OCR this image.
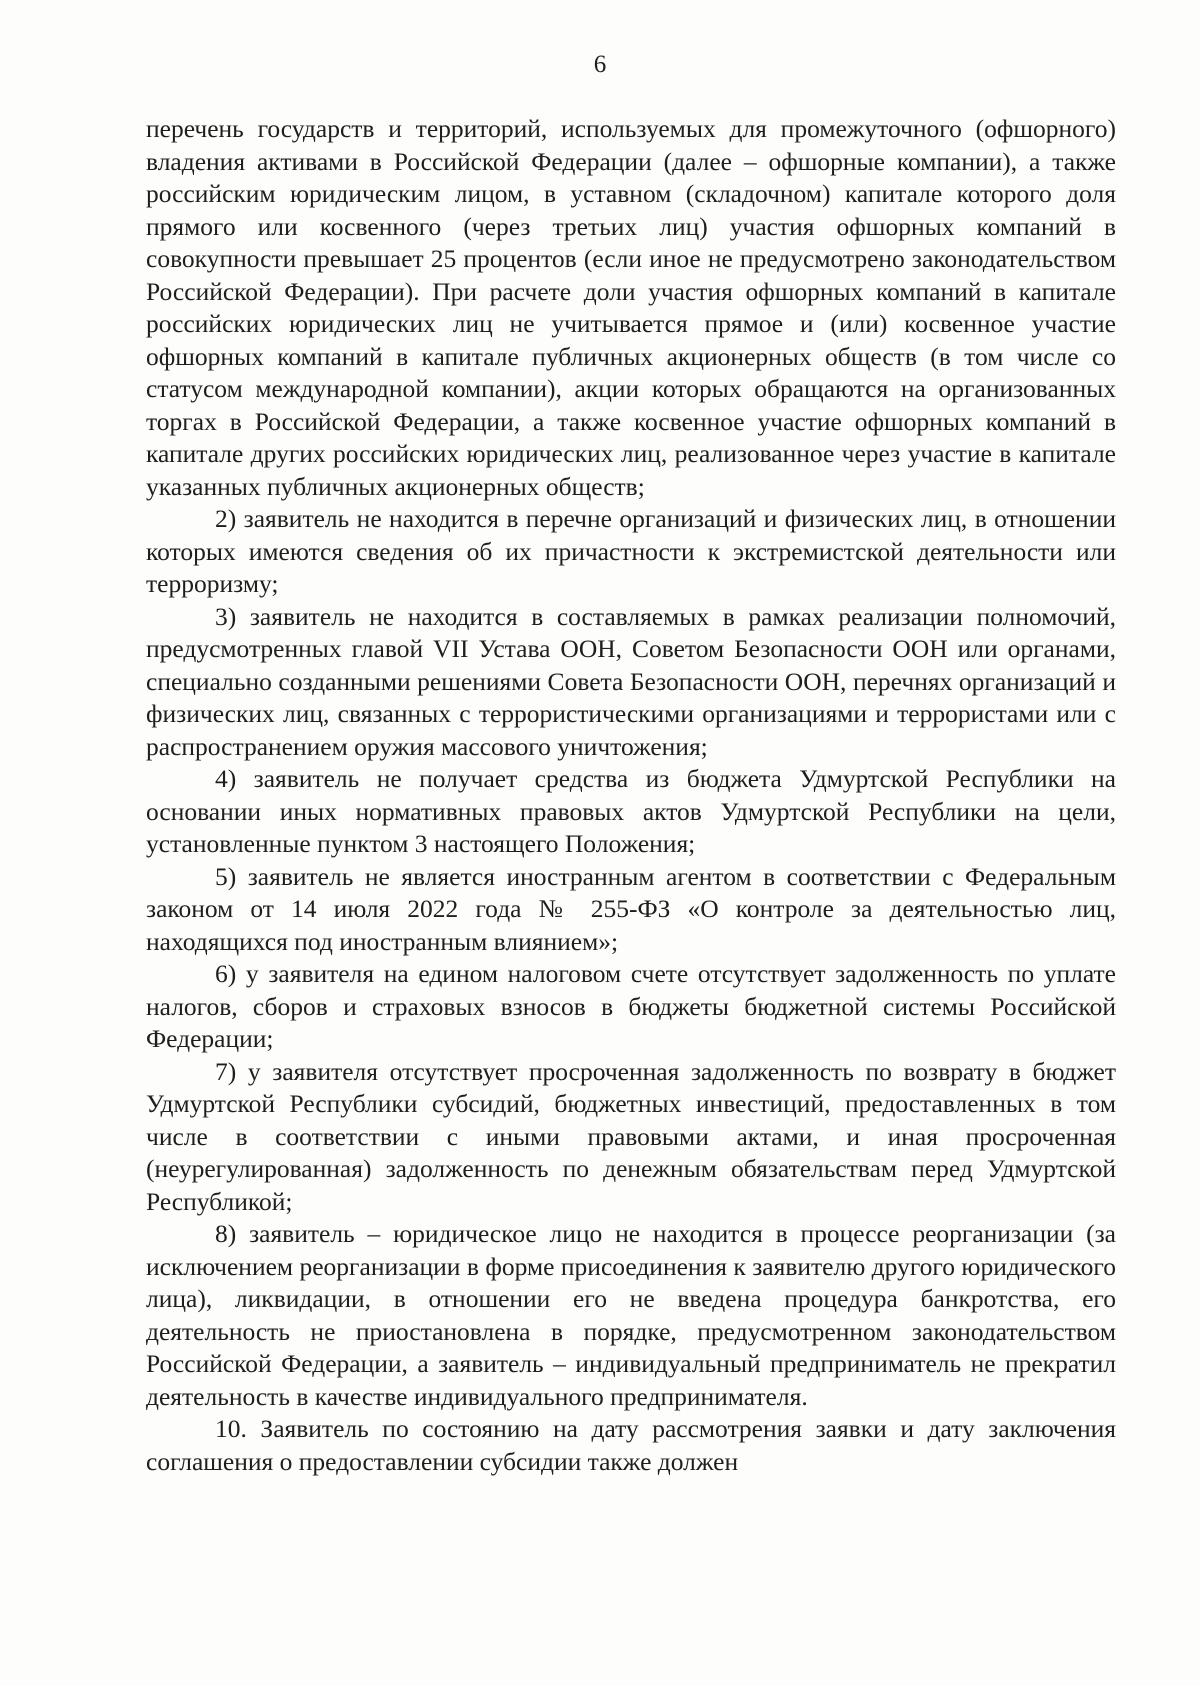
6

перечень государств и территорий, используемых для промежуточного (офшорного) владения активами в Российской Федерации (далее – офшорные компании), а также российским юридическим лицом, в уставном (складочном) капитале которого доля прямого или косвенного (через третьих лиц) участия офшорных компаний в совокупности превышает 25 процентов (если иное не предусмотрено законодательством Российской Федерации). При расчете доли участия офшорных компаний в капитале российских юридических лиц не учитывается прямое и (или) косвенное участие офшорных компаний в капитале публичных акционерных обществ (в том числе со статусом международной компании), акции которых обращаются на организованных торгах в Российской Федерации, а также косвенное участие офшорных компаний в капитале других российских юридических лиц, реализованное через участие в капитале указанных публичных акционерных обществ;

2) заявитель не находится в перечне организаций и физических лиц, в отношении которых имеются сведения об их причастности к экстремистской деятельности или терроризму;

3) заявитель не находится в составляемых в рамках реализации полномочий, предусмотренных главой VII Устава ООН, Советом Безопасности ООН или органами, специально созданными решениями Совета Безопасности ООН, перечнях организаций и физических лиц, связанных с террористическими организациями и террористами или с распространением оружия массового уничтожения;

4) заявитель не получает средства из бюджета Удмуртской Республики на основании иных нормативных правовых актов Удмуртской Республики на цели, установленные пунктом 3 настоящего Положения;

5) заявитель не является иностранным агентом в соответствии с Федеральным законом от 14 июля 2022 года № 255-ФЗ «О контроле за деятельностью лиц, находящихся под иностранным влиянием»;

6) у заявителя на едином налоговом счете отсутствует задолженность по уплате налогов, сборов и страховых взносов в бюджеты бюджетной системы Российской Федерации;

7) у заявителя отсутствует просроченная задолженность по возврату в бюджет Удмуртской Республики субсидий, бюджетных инвестиций, предоставленных в том числе в соответствии с иными правовыми актами, и иная просроченная (неурегулированная) задолженность по денежным обязательствам перед Удмуртской Республикой;

8) заявитель – юридическое лицо не находится в процессе реорганизации (за исключением реорганизации в форме присоединения к заявителю другого юридического лица), ликвидации, в отношении его не введена процедура банкротства, его деятельность не приостановлена в порядке, предусмотренном законодательством Российской Федерации, а заявитель – индивидуальный предприниматель не прекратил деятельность в качестве индивидуального предпринимателя.

10. Заявитель по состоянию на дату рассмотрения заявки и дату заключения соглашения о предоставлении субсидии также должен
